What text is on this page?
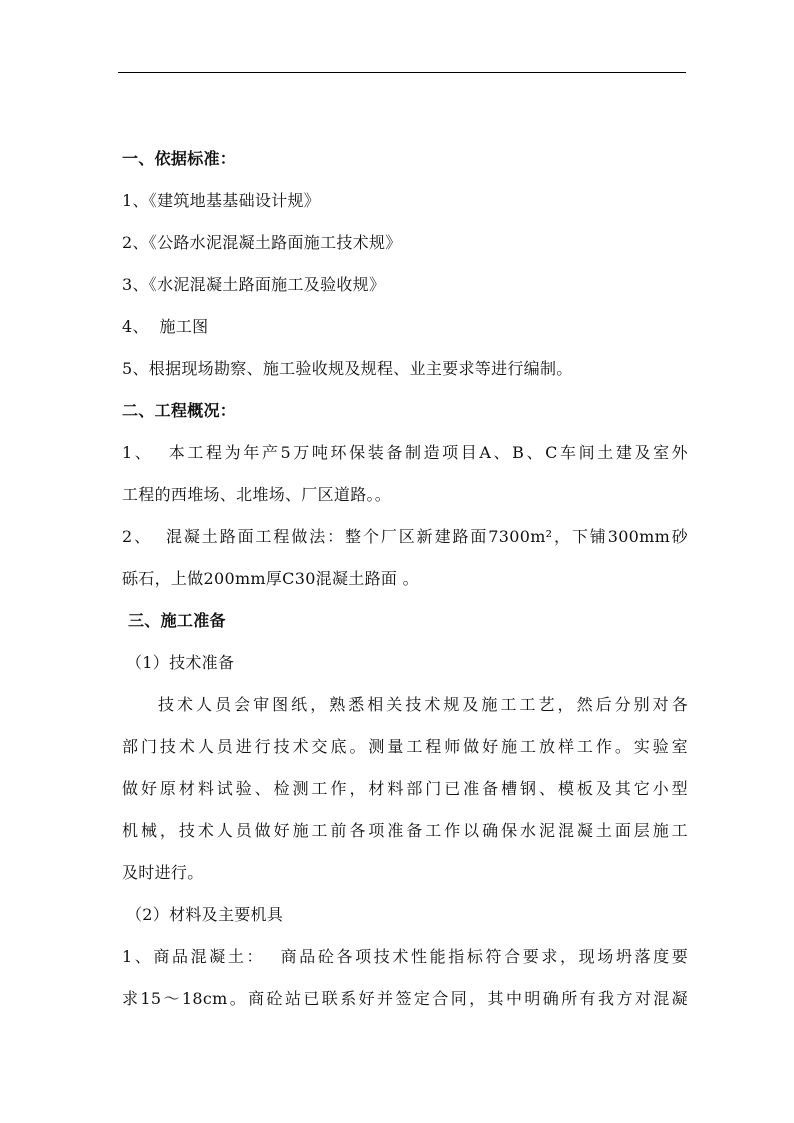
一、依据标准：
1、《建筑地基基础设计规》
2、《公路水泥混凝土路面施工技术规》
3、《水泥混凝土路面施工及验收规》
4、  施工图
5、根据现场勘察、施工验收规及规程、业主要求等进行编制。
二、工程概况：
1、  本工程为年产5万吨环保装备制造项目A、B、C车间土建及室外
工程的西堆场、北堆场、厂区道路。。
2、  混凝土路面工程做法：整个厂区新建路面7300m²，下铺300mm砂
砾石，上做200mm厚C30混凝土路面 。
三、施工准备
（1）技术准备
技术人员会审图纸，熟悉相关技术规及施工工艺，然后分别对各
部门技术人员进行技术交底。测量工程师做好施工放样工作。实验室
做好原材料试验、检测工作，材料部门已准备槽钢、模板及其它小型
机械，技术人员做好施工前各项准备工作以确保水泥混凝土面层施工
及时进行。
（2）材料及主要机具
1、商品混凝土：  商品砼各项技术性能指标符合要求，现场坍落度要
求15～18cm。商砼站已联系好并签定合同，其中明确所有我方对混凝
